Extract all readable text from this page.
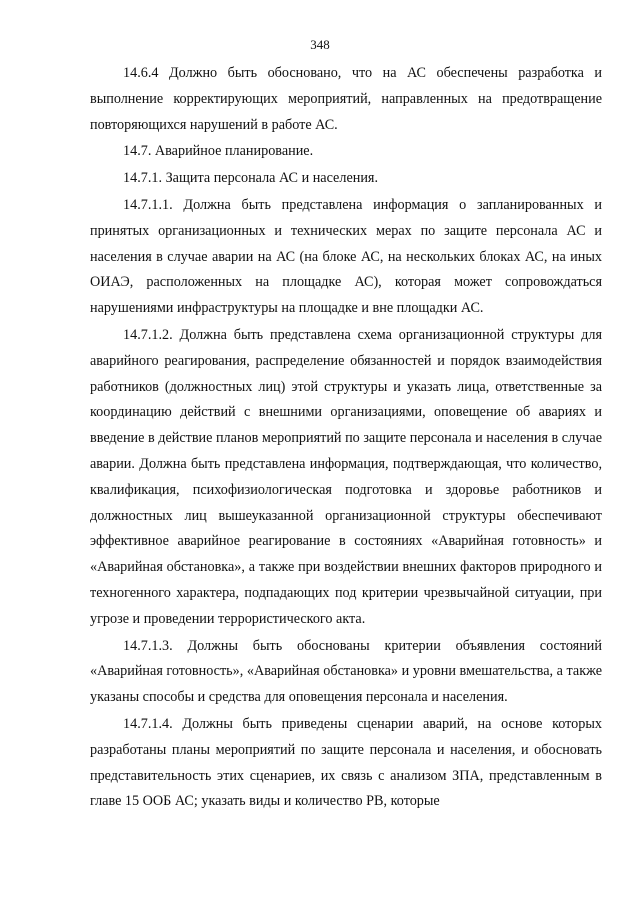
348

14.6.4 Должно быть обосновано, что на АС обеспечены разработка и выполнение корректирующих мероприятий, направленных на предотвращение повторяющихся нарушений в работе АС.

14.7. Аварийное планирование.

14.7.1. Защита персонала АС и населения.

14.7.1.1. Должна быть представлена информация о запланированных и принятых организационных и технических мерах по защите персонала АС и населения в случае аварии на АС (на блоке АС, на нескольких блоках АС, на иных ОИАЭ, расположенных на площадке АС), которая может сопровождаться нарушениями инфраструктуры на площадке и вне площадки АС.

14.7.1.2. Должна быть представлена схема организационной структуры для аварийного реагирования, распределение обязанностей и порядок взаимодействия работников (должностных лиц) этой структуры и указать лица, ответственные за координацию действий с внешними организациями, оповещение об авариях и введение в действие планов мероприятий по защите персонала и населения в случае аварии. Должна быть представлена информация, подтверждающая, что количество, квалификация, психофизиологическая подготовка и здоровье работников и должностных лиц вышеуказанной организационной структуры обеспечивают эффективное аварийное реагирование в состояниях «Аварийная готовность» и «Аварийная обстановка», а также при воздействии внешних факторов природного и техногенного характера, подпадающих под критерии чрезвычайной ситуации, при угрозе и проведении террористического акта.

14.7.1.3. Должны быть обоснованы критерии объявления состояний «Аварийная готовность», «Аварийная обстановка» и уровни вмешательства, а также указаны способы и средства для оповещения персонала и населения.

14.7.1.4. Должны быть приведены сценарии аварий, на основе которых разработаны планы мероприятий по защите персонала и населения, и обосновать представительность этих сценариев, их связь с анализом ЗПА, представленным в главе 15 ООБ АС; указать виды и количество РВ, которые
